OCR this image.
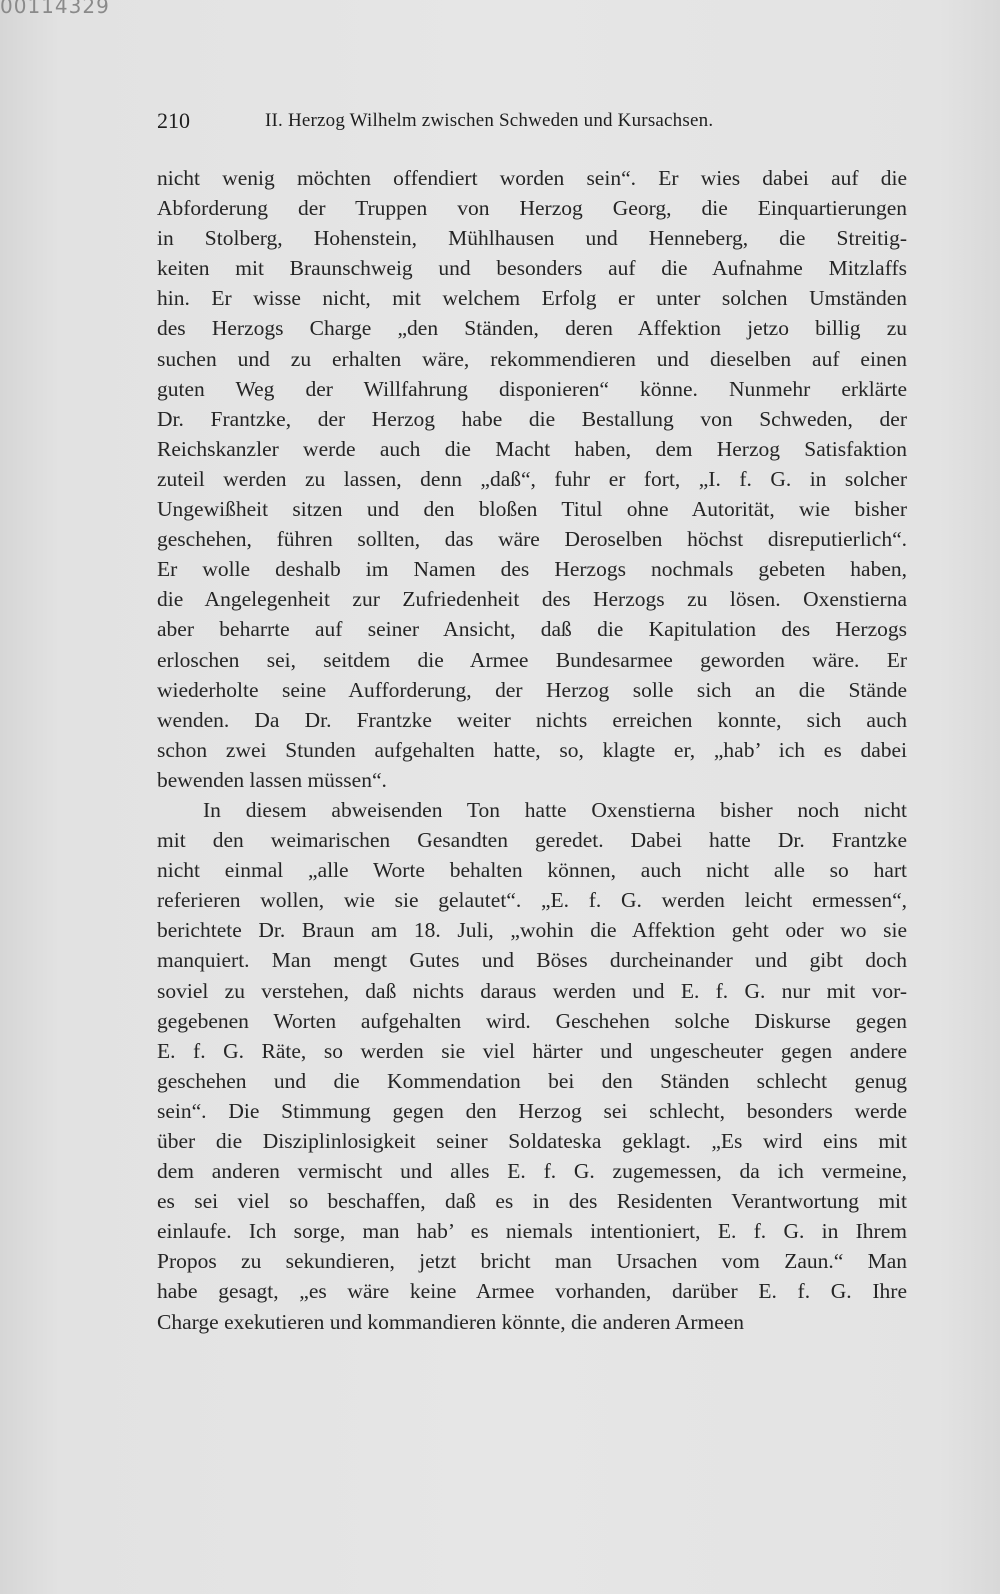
00114329
210	II. Herzog Wilhelm zwischen Schweden und Kursachsen.
nicht wenig möchten offendiert worden sein“. Er wies dabei auf die
Abforderung der Truppen von Herzog Georg, die Einquartierungen
in Stolberg, Hohenstein, Mühlhausen und Henneberg, die Streitig-
keiten mit Braunschweig und besonders auf die Aufnahme Mitzlaffs
hin. Er wisse nicht, mit welchem Erfolg er unter solchen Umständen
des Herzogs Charge „den Ständen, deren Affektion jetzo billig zu
suchen und zu erhalten wäre, rekommendieren und dieselben auf einen
guten Weg der Willfahrung disponieren“ könne. Nunmehr erklärte
Dr. Frantzke, der Herzog habe die Bestallung von Schweden, der
Reichskanzler werde auch die Macht haben, dem Herzog Satisfaktion
zuteil werden zu lassen, denn „daß“, fuhr er fort, „I. f. G. in solcher
Ungewißheit sitzen und den bloßen Titul ohne Autorität, wie bisher
geschehen, führen sollten, das wäre Deroselben höchst disreputierlich“.
Er wolle deshalb im Namen des Herzogs nochmals gebeten haben,
die Angelegenheit zur Zufriedenheit des Herzogs zu lösen. Oxenstierna
aber beharrte auf seiner Ansicht, daß die Kapitulation des Herzogs
erloschen sei, seitdem die Armee Bundesarmee geworden wäre. Er
wiederholte seine Aufforderung, der Herzog solle sich an die Stände
wenden. Da Dr. Frantzke weiter nichts erreichen konnte, sich auch
schon zwei Stunden aufgehalten hatte, so, klagte er, „hab’ ich es dabei
bewenden lassen müssen“.
In diesem abweisenden Ton hatte Oxenstierna bisher noch nicht
mit den weimarischen Gesandten geredet. Dabei hatte Dr. Frantzke
nicht einmal „alle Worte behalten können, auch nicht alle so hart
referieren wollen, wie sie gelautet“. „E. f. G. werden leicht ermessen“,
berichtete Dr. Braun am 18. Juli, „wohin die Affektion geht oder wo sie
manquiert. Man mengt Gutes und Böses durcheinander und gibt doch
soviel zu verstehen, daß nichts daraus werden und E. f. G. nur mit vor-
gegebenen Worten aufgehalten wird. Geschehen solche Diskurse gegen
E. f. G. Räte, so werden sie viel härter und ungescheuter gegen andere
geschehen und die Kommendation bei den Ständen schlecht genug
sein“. Die Stimmung gegen den Herzog sei schlecht, besonders werde
über die Disziplinlosigkeit seiner Soldateska geklagt. „Es wird eins mit
dem anderen vermischt und alles E. f. G. zugemessen, da ich vermeine,
es sei viel so beschaffen, daß es in des Residenten Verantwortung mit
einlaufe. Ich sorge, man hab’ es niemals intentioniert, E. f. G. in Ihrem
Propos zu sekundieren, jetzt bricht man Ursachen vom Zaun.“ Man
habe gesagt, „es wäre keine Armee vorhanden, darüber E. f. G. Ihre
Charge exekutieren und kommandieren könnte, die anderen Armeen
